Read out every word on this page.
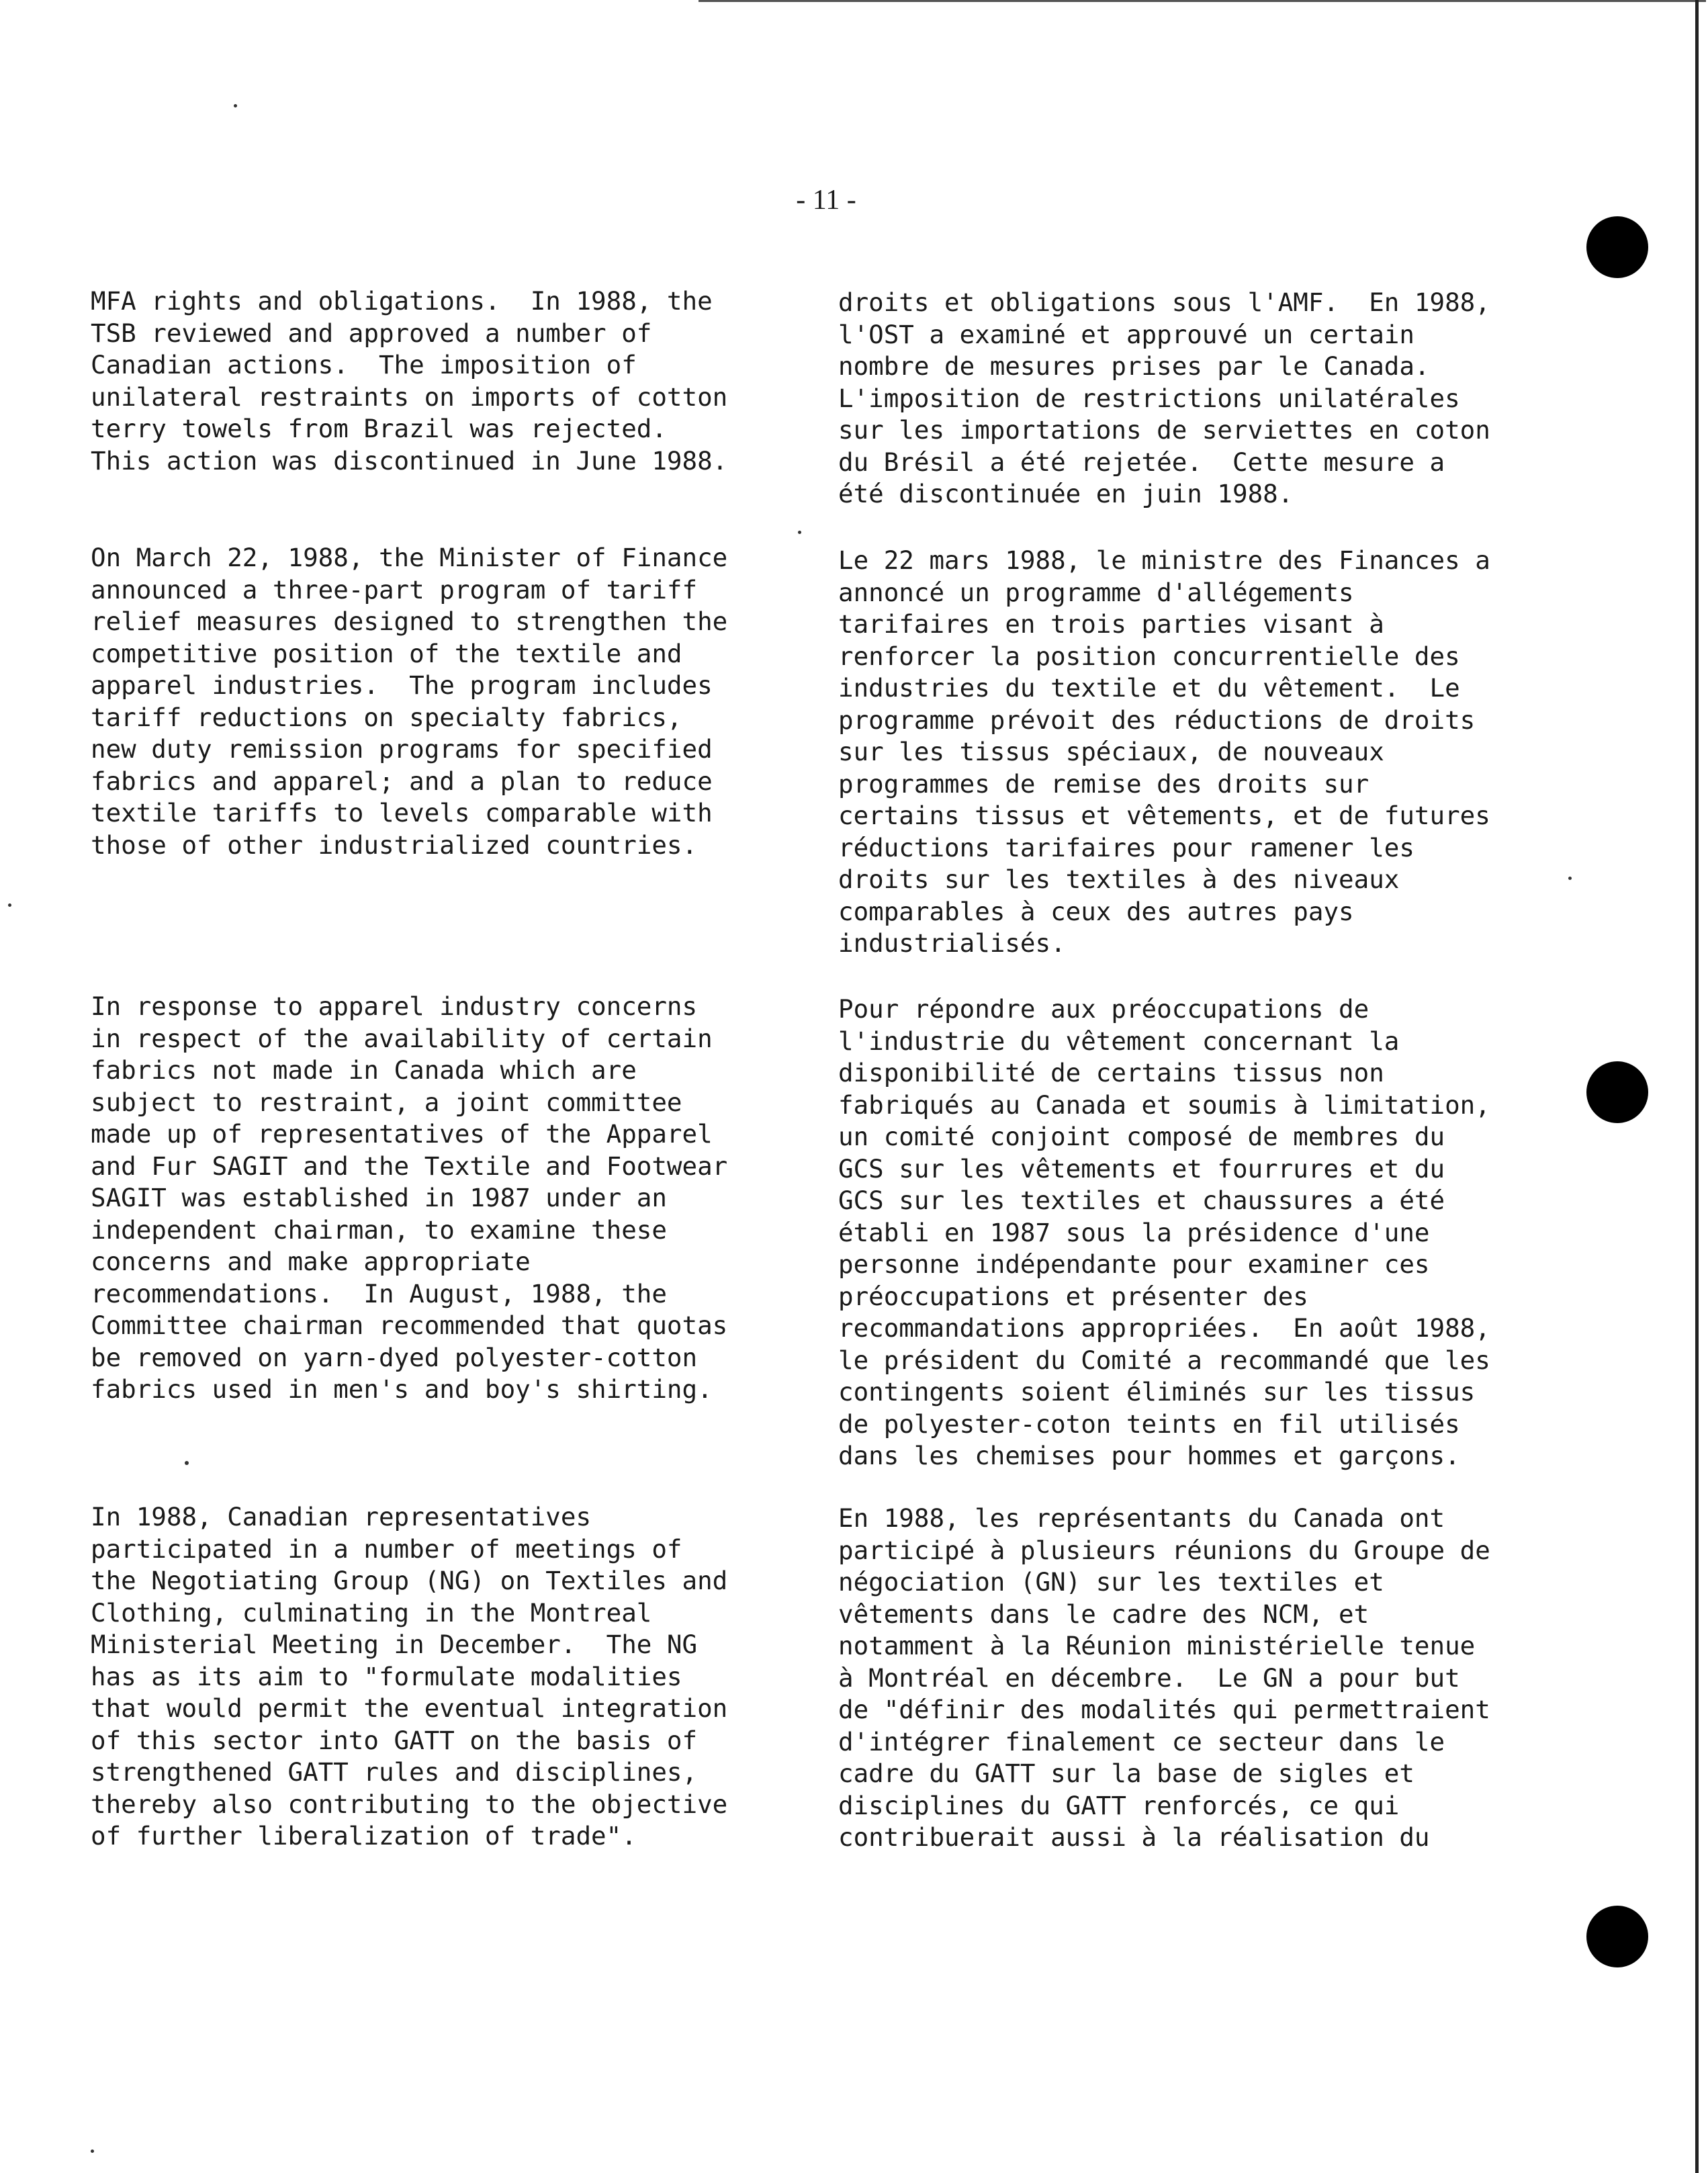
- 11 -

MFA rights and obligations.  In 1988, the
TSB reviewed and approved a number of
Canadian actions.  The imposition of
unilateral restraints on imports of cotton
terry towels from Brazil was rejected.
This action was discontinued in June 1988.

On March 22, 1988, the Minister of Finance
announced a three-part program of tariff
relief measures designed to strengthen the
competitive position of the textile and
apparel industries.  The program includes
tariff reductions on specialty fabrics,
new duty remission programs for specified
fabrics and apparel; and a plan to reduce
textile tariffs to levels comparable with
those of other industrialized countries.

In response to apparel industry concerns
in respect of the availability of certain
fabrics not made in Canada which are
subject to restraint, a joint committee
made up of representatives of the Apparel
and Fur SAGIT and the Textile and Footwear
SAGIT was established in 1987 under an
independent chairman, to examine these
concerns and make appropriate
recommendations.  In August, 1988, the
Committee chairman recommended that quotas
be removed on yarn-dyed polyester-cotton
fabrics used in men's and boy's shirting.

In 1988, Canadian representatives
participated in a number of meetings of
the Negotiating Group (NG) on Textiles and
Clothing, culminating in the Montreal
Ministerial Meeting in December.  The NG
has as its aim to "formulate modalities
that would permit the eventual integration
of this sector into GATT on the basis of
strengthened GATT rules and disciplines,
thereby also contributing to the objective
of further liberalization of trade".

droits et obligations sous l'AMF.  En 1988,
l'OST a examiné et approuvé un certain
nombre de mesures prises par le Canada.
L'imposition de restrictions unilatérales
sur les importations de serviettes en coton
du Brésil a été rejetée.  Cette mesure a
été discontinuée en juin 1988.

Le 22 mars 1988, le ministre des Finances a
annoncé un programme d'allégements
tarifaires en trois parties visant à
renforcer la position concurrentielle des
industries du textile et du vêtement.  Le
programme prévoit des réductions de droits
sur les tissus spéciaux, de nouveaux
programmes de remise des droits sur
certains tissus et vêtements, et de futures
réductions tarifaires pour ramener les
droits sur les textiles à des niveaux
comparables à ceux des autres pays
industrialisés.

Pour répondre aux préoccupations de
l'industrie du vêtement concernant la
disponibilité de certains tissus non
fabriqués au Canada et soumis à limitation,
un comité conjoint composé de membres du
GCS sur les vêtements et fourrures et du
GCS sur les textiles et chaussures a été
établi en 1987 sous la présidence d'une
personne indépendante pour examiner ces
préoccupations et présenter des
recommandations appropriées.  En août 1988,
le président du Comité a recommandé que les
contingents soient éliminés sur les tissus
de polyester-coton teints en fil utilisés
dans les chemises pour hommes et garçons.

En 1988, les représentants du Canada ont
participé à plusieurs réunions du Groupe de
négociation (GN) sur les textiles et
vêtements dans le cadre des NCM, et
notamment à la Réunion ministérielle tenue
à Montréal en décembre.  Le GN a pour but
de "définir des modalités qui permettraient
d'intégrer finalement ce secteur dans le
cadre du GATT sur la base de sigles et
disciplines du GATT renforcés, ce qui
contribuerait aussi à la réalisation du
